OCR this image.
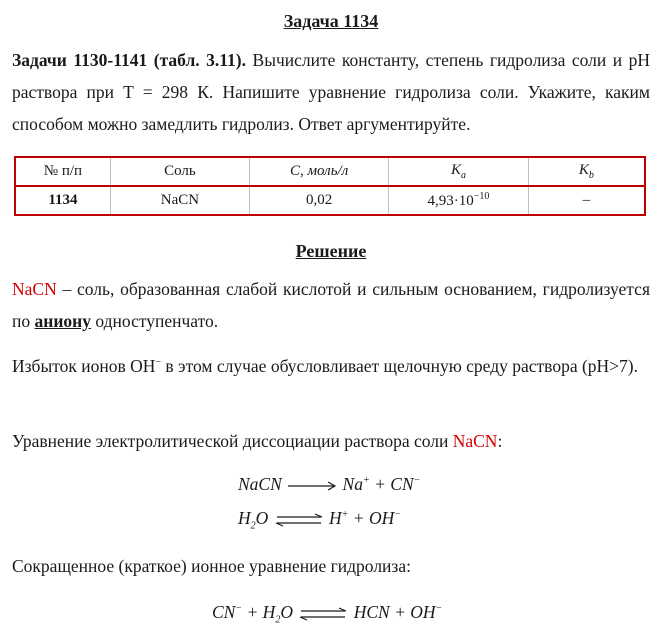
Задача 1134
Задачи 1130-1141 (табл. 3.11). Вычислите константу, степень гидролиза соли и pH раствора при T = 298 К. Напишите уравнение гидролиза соли. Укажите, каким способом можно замедлить гидролиз. Ответ аргументируйте.
№ п/п	Соль	C, моль/л	$K_a$	$K_b$
1134	NaCN	0,02	$4,93\cdot 10^{-10}$	–
Решение
NaCN – соль, образованная слабой кислотой и сильным основанием, гидролизуется по аниону одноступенчато.
Избыток ионов OH− в этом случае обусловливает щелочную среду раствора (pH>7).
Уравнение электролитической диссоциации раствора соли NaCN:
NaCN	Na+ + CN−
$H_2O$ ⇌ H+ + OH−
Сокращенное (краткое) ионное уравнение гидролиза:
$CN^- + H_2O$ ⇌ HCN + OH−
